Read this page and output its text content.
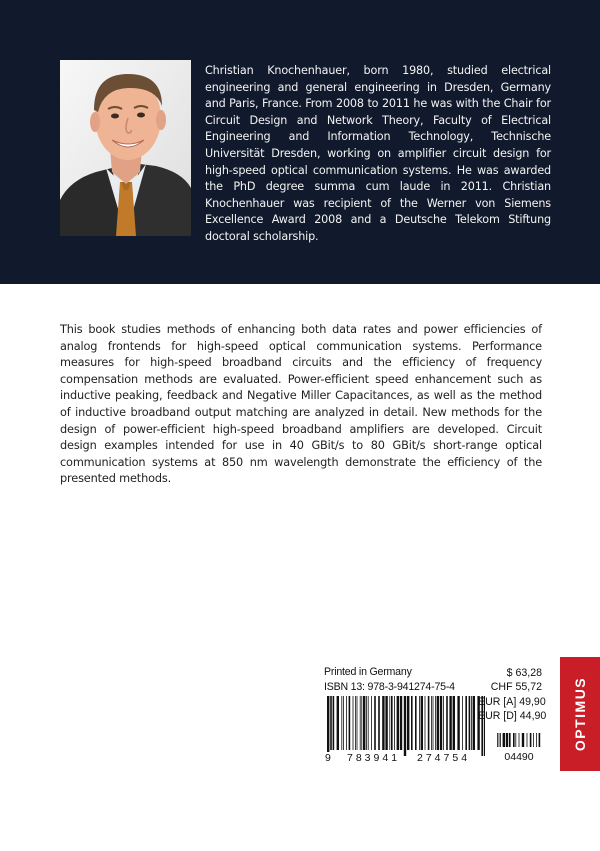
Christian Knochenhauer, born 1980, studied electrical engineering and general engineering in Dresden, Germany and Paris, France. From 2008 to 2011 he was with the Chair for Circuit Design and Network Theory, Faculty of Electrical Engineering and Information Technology, Technische Universität Dresden, working on amplifier circuit design for high-speed optical communication systems. He was awarded the PhD degree summa cum laude in 2011. Christian Knochenhauer was recipient of the Werner von Siemens Excellence Award 2008 and a Deutsche Telekom Stiftung doctoral scholarship.

This book studies methods of enhancing both data rates and power efficiencies of analog frontends for high-speed optical communication systems. Performance measures for high-speed broadband circuits and the efficiency of frequency compensation methods are evaluated. Power-efficient speed enhancement such as inductive peaking, feedback and Negative Miller Capacitances, as well as the method of inductive broadband output matching are analyzed in detail. New methods for the design of power-efficient high-speed broadband amplifiers are developed. Circuit design examples intended for use in 40 GBit/s to 80 GBit/s short-range optical communication systems at 850 nm wavelength demonstrate the efficiency of the presented methods.

Printed in Germany
ISBN 13: 978-3-941274-75-4
9 783941 274754
$ 63,28
CHF 55,72
EUR [A] 49,90
EUR [D] 44,90
04490
OPTIMUS
